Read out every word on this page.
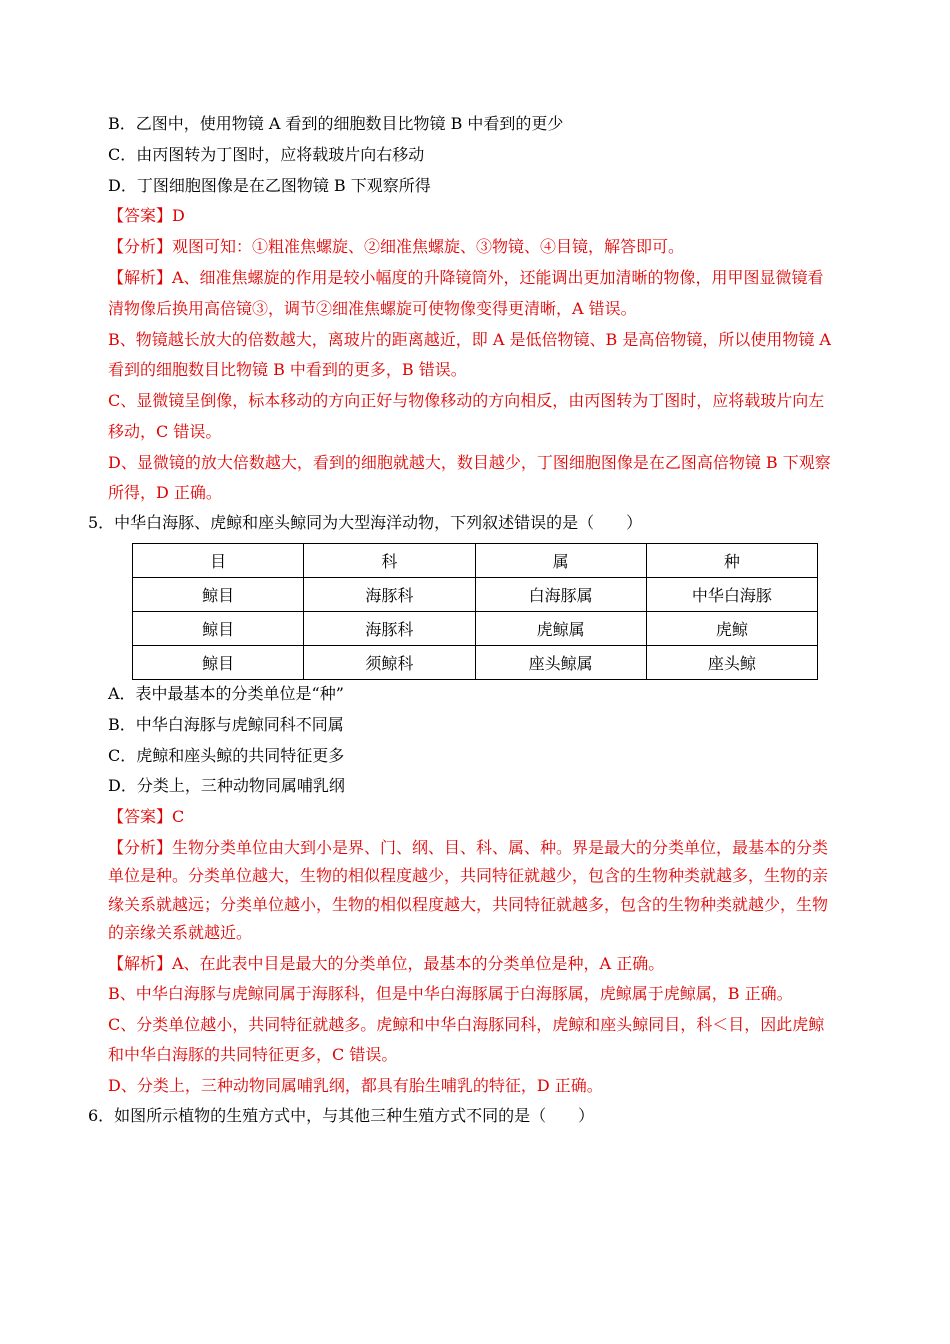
B．乙图中，使用物镜 A 看到的细胞数目比物镜 B 中看到的更少
C．由丙图转为丁图时，应将载玻片向右移动
D．丁图细胞图像是在乙图物镜 B 下观察所得
【答案】D
【分析】观图可知：①粗准焦螺旋、②细准焦螺旋、③物镜、④目镜，解答即可。
【解析】A、细准焦螺旋的作用是较小幅度的升降镜筒外，还能调出更加清晰的物像，用甲图显微镜看
清物像后换用高倍镜③，调节②细准焦螺旋可使物像变得更清晰，A 错误。
B、物镜越长放大的倍数越大，离玻片的距离越近，即 A 是低倍物镜、B 是高倍物镜，所以使用物镜 A
看到的细胞数目比物镜 B 中看到的更多，B 错误。
C、显微镜呈倒像，标本移动的方向正好与物像移动的方向相反，由丙图转为丁图时，应将载玻片向左
移动，C 错误。
D、显微镜的放大倍数越大，看到的细胞就越大，数目越少，丁图细胞图像是在乙图高倍物镜 B 下观察
所得，D 正确。
5．中华白海豚、虎鲸和座头鲸同为大型海洋动物，下列叙述错误的是（　　）
目	科	属	种
鲸目	海豚科	白海豚属	中华白海豚
鲸目	海豚科	虎鲸属	虎鲸
鲸目	须鲸科	座头鲸属	座头鲸
A．表中最基本的分类单位是“种”
B．中华白海豚与虎鲸同科不同属
C．虎鲸和座头鲸的共同特征更多
D．分类上，三种动物同属哺乳纲
【答案】C
【分析】生物分类单位由大到小是界、门、纲、目、科、属、种。界是最大的分类单位，最基本的分类
单位是种。分类单位越大，生物的相似程度越少，共同特征就越少，包含的生物种类就越多，生物的亲
缘关系就越远；分类单位越小，生物的相似程度越大，共同特征就越多，包含的生物种类就越少，生物
的亲缘关系就越近。
【解析】A、在此表中目是最大的分类单位，最基本的分类单位是种，A 正确。
B、中华白海豚与虎鲸同属于海豚科，但是中华白海豚属于白海豚属，虎鲸属于虎鲸属，B 正确。
C、分类单位越小，共同特征就越多。虎鲸和中华白海豚同科，虎鲸和座头鲸同目，科＜目，因此虎鲸
和中华白海豚的共同特征更多，C 错误。
D、分类上，三种动物同属哺乳纲，都具有胎生哺乳的特征，D 正确。
6．如图所示植物的生殖方式中，与其他三种生殖方式不同的是（　　）
